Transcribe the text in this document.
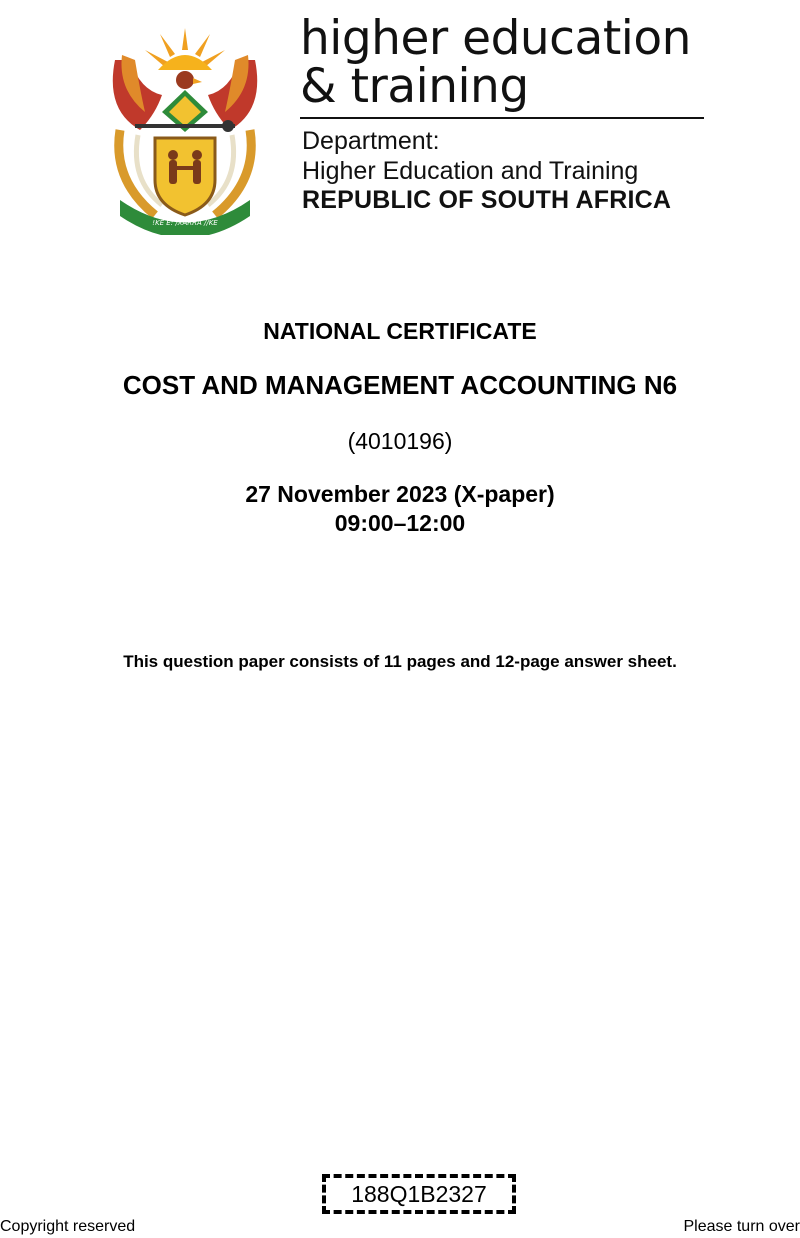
!KE E: /XARRA //KE
higher education
& training
Department:
Higher Education and Training
REPUBLIC OF SOUTH AFRICA
NATIONAL CERTIFICATE
COST AND MANAGEMENT ACCOUNTING N6
(4010196)
27 November 2023 (X-paper)
09:00–12:00
This question paper consists of 11 pages and 12-page answer sheet.
188Q1B2327
Copyright reserved	Please turn over
